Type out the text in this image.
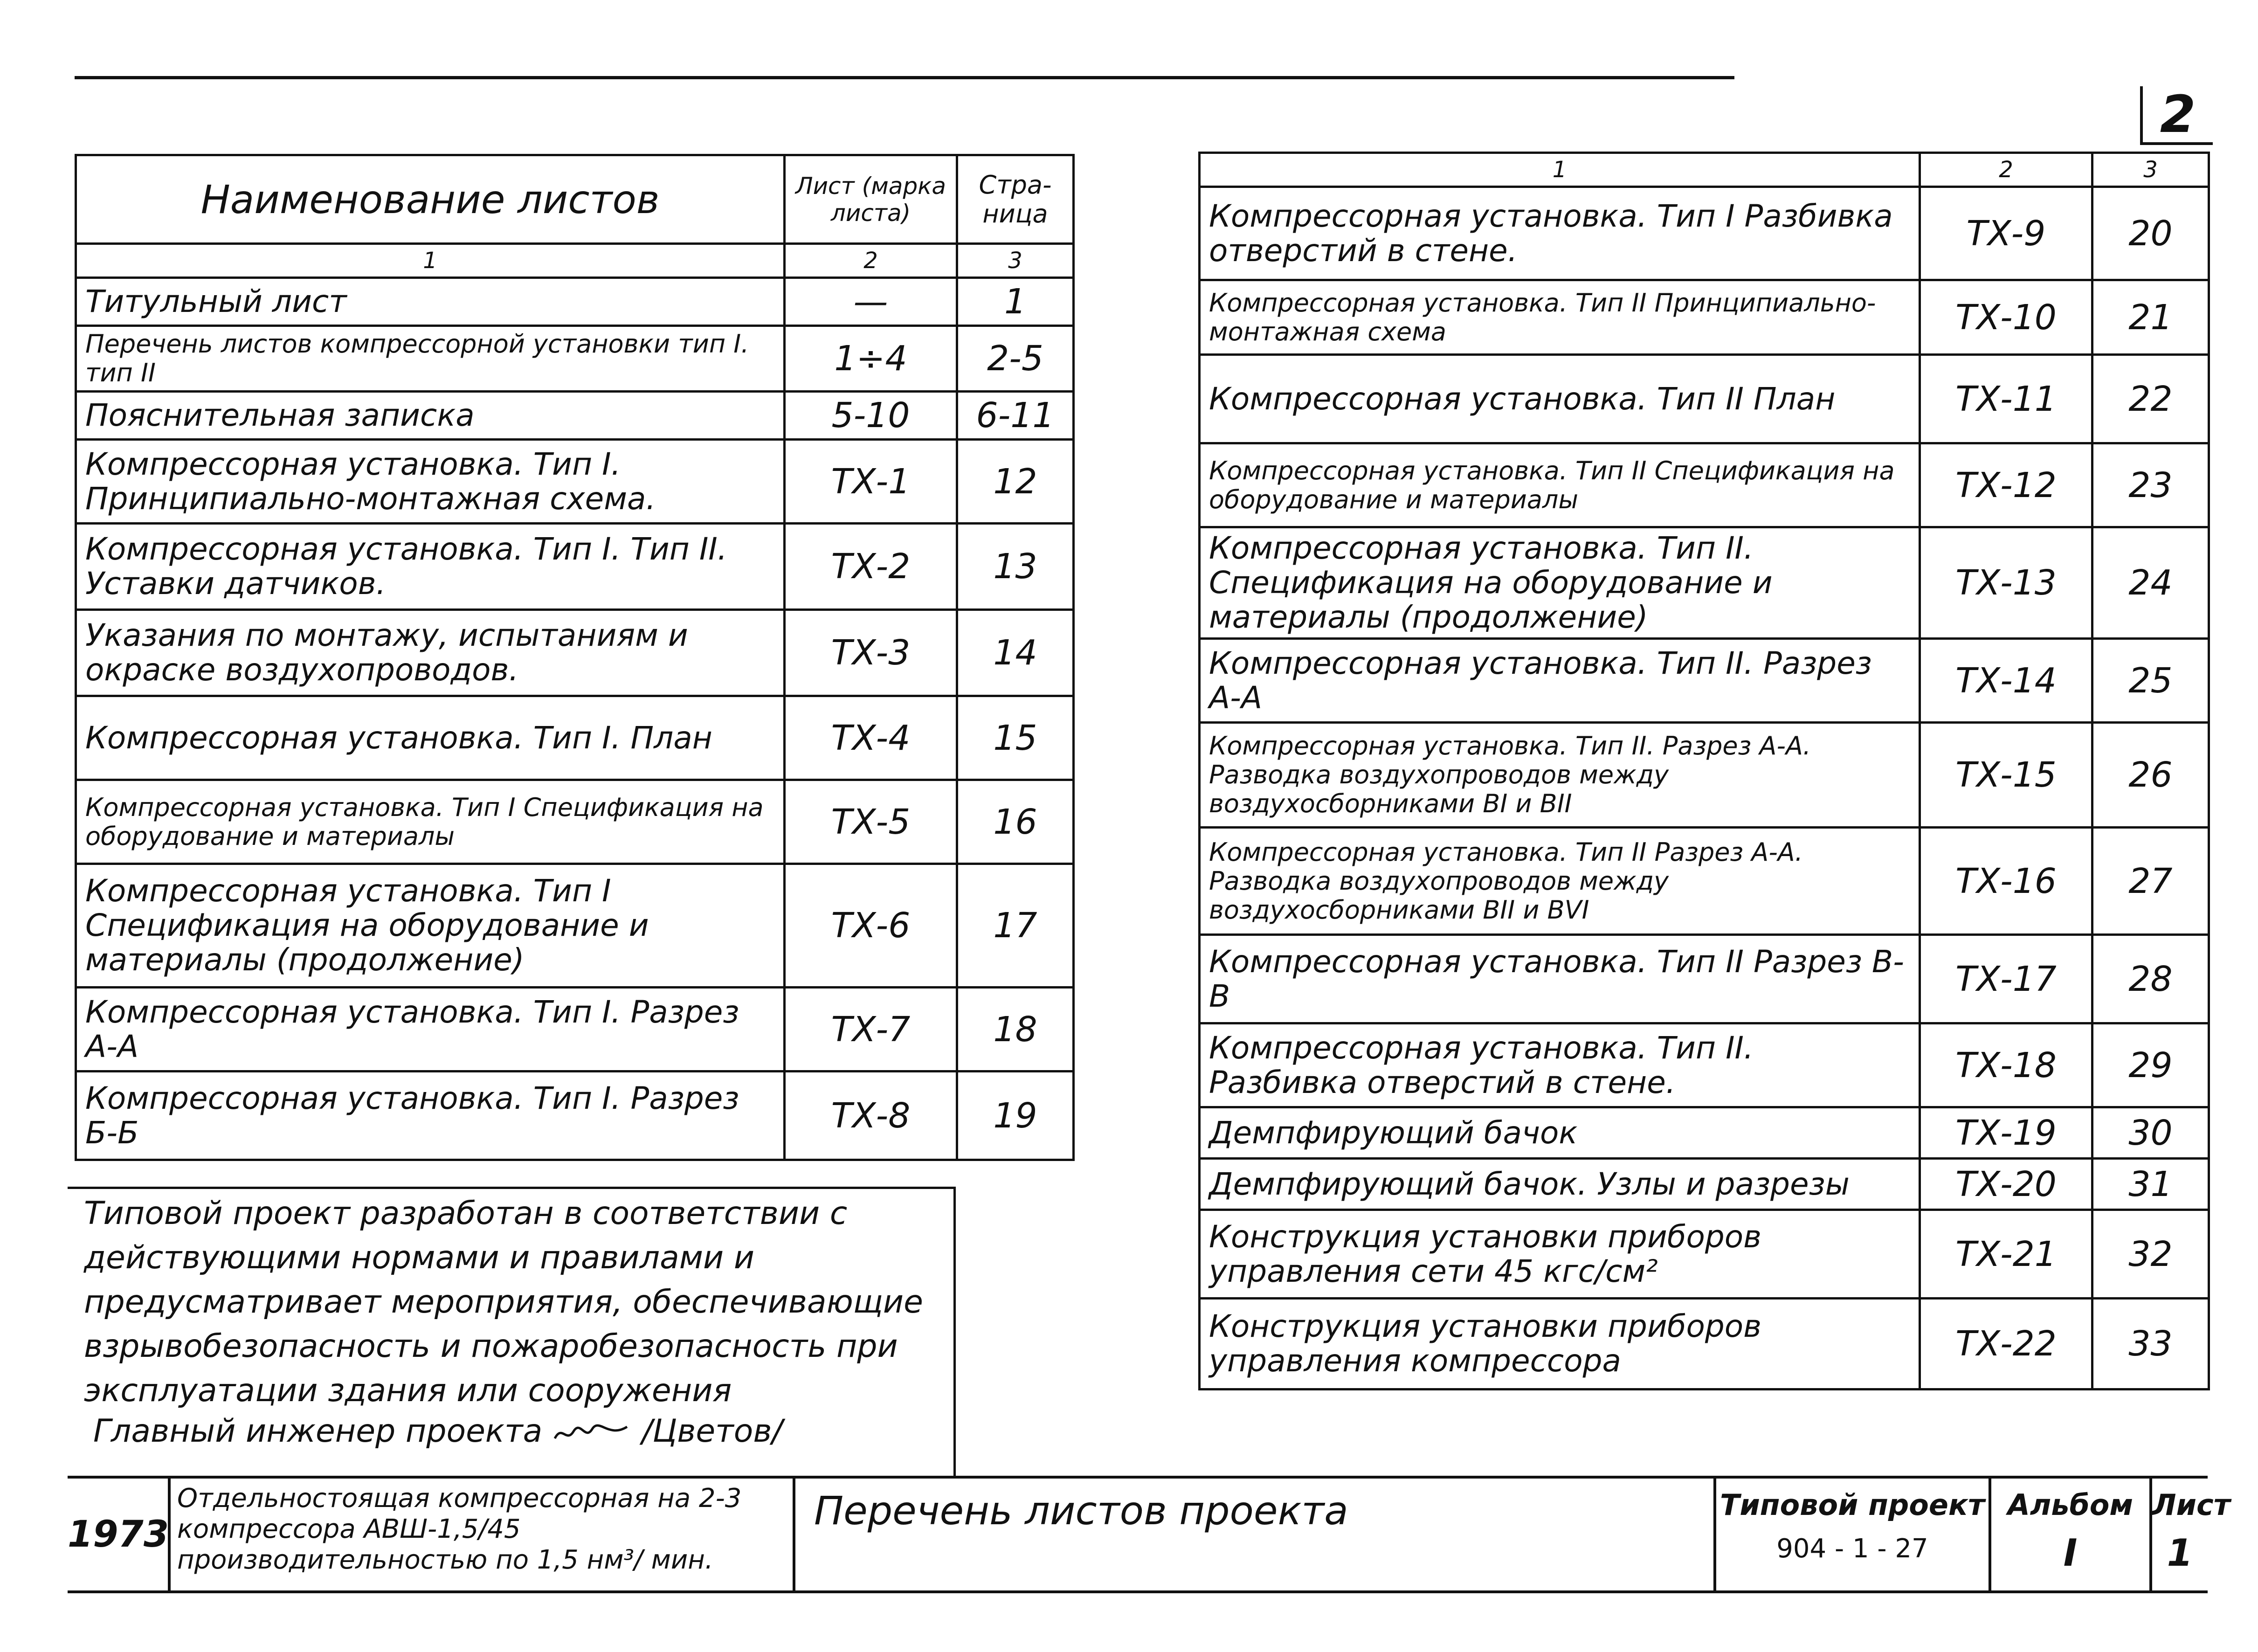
2
Наименование листов	Лист (марка листа)	Стра-ница
1	2	3
Титульный лист	—	1
Перечень листов компрессорной установки тип I. тип II	1÷4	2-5
Пояснительная записка	5-10	6-11
Компрессорная установка. Тип I. Принципиально-монтажная схема.	ТХ-1	12
Компрессорная установка. Тип I. Тип II. Уставки датчиков.	ТХ-2	13
Указания по монтажу, испытаниям и окраске воздухопроводов.	ТХ-3	14
Компрессорная установка. Тип I. План	ТХ-4	15
Компрессорная установка. Тип I Спецификация на оборудование и материалы	ТХ-5	16
Компрессорная установка. Тип I Спецификация на оборудование и материалы (продолжение)	ТХ-6	17
Компрессорная установка. Тип I. Разрез А-А	ТХ-7	18
Компрессорная установка. Тип I. Разрез Б-Б	ТХ-8	19
1	2	3
Компрессорная установка. Тип I Разбивка отверстий в стене.	ТХ-9	20
Компрессорная установка. Тип II Принципиально-монтажная схема	ТХ-10	21
Компрессорная установка. Тип II План	ТХ-11	22
Компрессорная установка. Тип II Спецификация на оборудование и материалы	ТХ-12	23
Компрессорная установка. Тип II. Спецификация на оборудование и материалы (продолжение)	ТХ-13	24
Компрессорная установка. Тип II. Разрез А-А	ТХ-14	25
Компрессорная установка. Тип II. Разрез А-А. Разводка воздухопроводов между воздухосборниками ВI и ВII	ТХ-15	26
Компрессорная установка. Тип II Разрез А-А. Разводка воздухопроводов между воздухосборниками ВII и ВVI	ТХ-16	27
Компрессорная установка. Тип II Разрез В-В	ТХ-17	28
Компрессорная установка. Тип II. Разбивка отверстий в стене.	ТХ-18	29
Демпфирующий бачок	ТХ-19	30
Демпфирующий бачок. Узлы и разрезы	ТХ-20	31
Конструкция установки приборов управления сети 45 кгс/см²	ТХ-21	32
Конструкция установки приборов управления компрессора	ТХ-22	33
Типовой проект разработан в соответствии с действующими нормами и правилами и предусматривает мероприятия, обеспечивающие взрывобезопасность и пожаробезопасность при эксплуатации здания или сооружения
Главный инженер проекта	/Цветов/
1973
Отдельностоящая компрессорная на 2-3 компрессора АВШ-1,5/45 производительностью по 1,5 нм³/ мин.
Перечень листов проекта	Типовой проект
904 - 1 - 27
Альбом
I
Лист
1
